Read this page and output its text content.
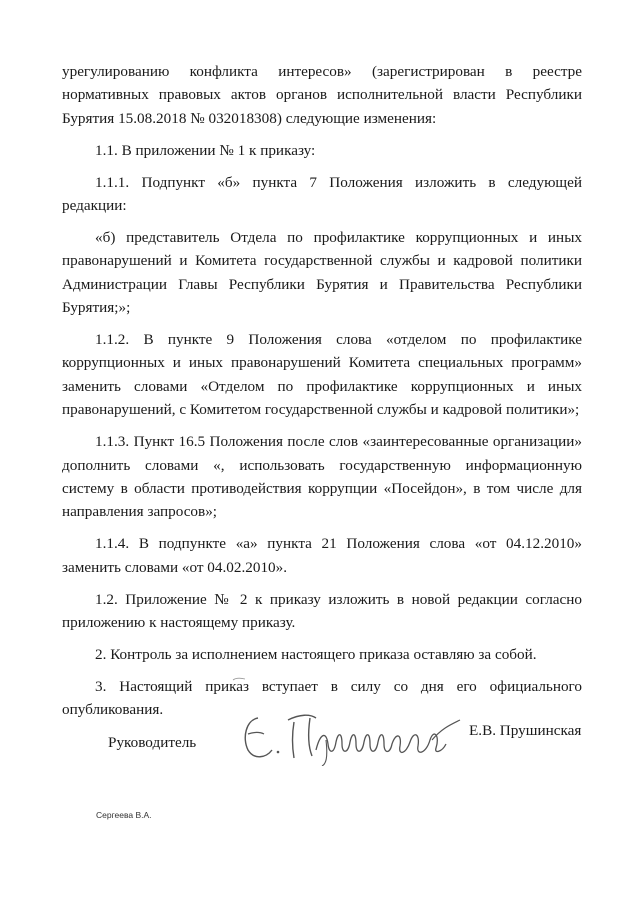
урегулированию конфликта интересов» (зарегистрирован в реестре нормативных правовых актов органов исполнительной власти Республики Бурятия 15.08.2018 № 032018308) следующие изменения:

1.1. В приложении № 1 к приказу:

1.1.1. Подпункт «б» пункта 7 Положения изложить в следующей редакции:

«б) представитель Отдела по профилактике коррупционных и иных правонарушений и Комитета государственной службы и кадровой политики Администрации Главы Республики Бурятия и Правительства Республики Бурятия;»;

1.1.2. В пункте 9 Положения слова «отделом по профилактике коррупционных и иных правонарушений Комитета специальных программ» заменить словами «Отделом по профилактике коррупционных и иных правонарушений, с Комитетом государственной службы и кадровой политики»;

1.1.3. Пункт 16.5 Положения после слов «заинтересованные организации» дополнить словами «, использовать государственную информационную систему в области противодействия коррупции «Посейдон», в том числе для направления запросов»;

1.1.4. В подпункте «а» пункта 21 Положения слова «от 04.12.2010» заменить словами «от 04.02.2010».

1.2. Приложение № 2 к приказу изложить в новой редакции согласно приложению к настоящему приказу.

2. Контроль за исполнением настоящего приказа оставляю за собой.

3. Настоящий приказ вступает в силу со дня его официального опубликования.

Руководитель
Е.В. Прушинская
Сергеева В.А.
